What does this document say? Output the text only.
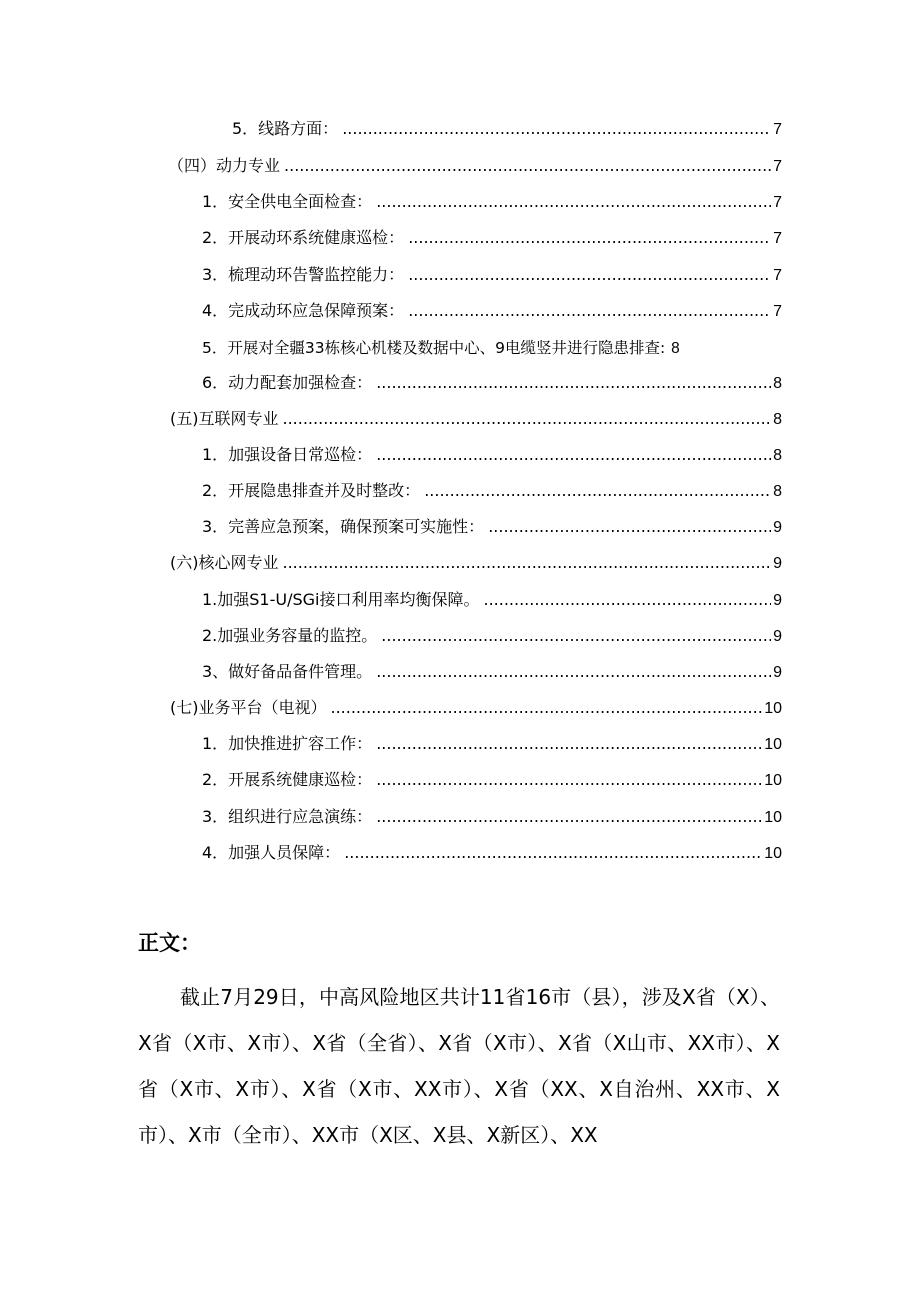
5．线路方面： .....	7
（四）动力专业 .....	7
1．安全供电全面检查： .....	7
2．开展动环系统健康巡检： .....	7
3．梳理动环告警监控能力： .....	7
4．完成动环应急保障预案： .....	7
5．开展对全疆33栋核心机楼及数据中心、9电缆竖井进行隐患排查: 8
6．动力配套加强检查： .....	8
(五)互联网专业 .....	8
1．加强设备日常巡检： .....	8
2．开展隐患排查并及时整改： .....	8
3．完善应急预案，确保预案可实施性： .....	9
(六)核心网专业 .....	9
1.加强S1-U/SGi接口利用率均衡保障。 .....	9
2.加强业务容量的监控。 .....	9
3、做好备品备件管理。 .....	9
(七)业务平台（电视） .....	10
1．加快推进扩容工作： .....	10
2．开展系统健康巡检： .....	10
3．组织进行应急演练： .....	10
4．加强人员保障： .....	10
正文：

截止7月29日，中高风险地区共计11省16市（县），涉及X省（X）、X省（X市、X市）、X省（全省）、X省（X市）、X省（X山市、XX市）、X省（X市、X市）、X省（X市、XX市）、X省（XX、X自治州、XX市、X市）、X市（全市）、XX市（X区、X县、X新区）、XX
